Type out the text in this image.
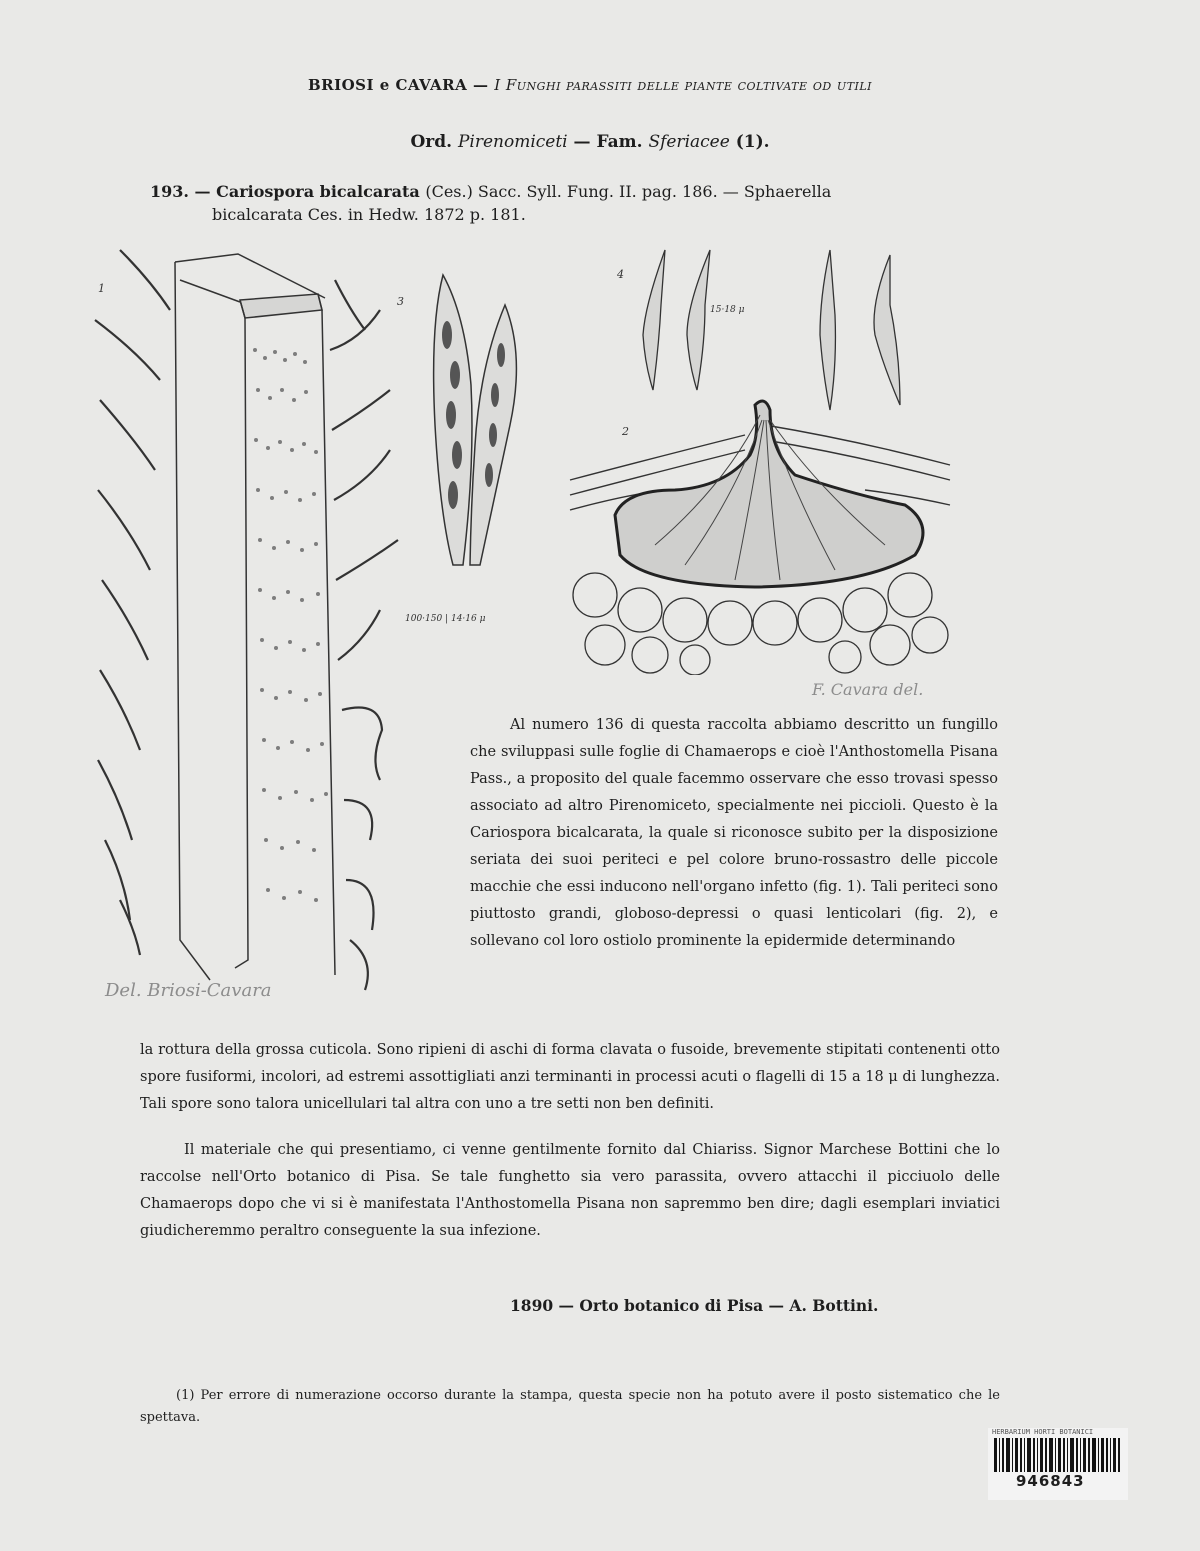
BRIOSI e CAVARA — I Funghi parassiti delle piante coltivate od utili
Ord. Pirenomiceti — Fam. Sferiacee (1).
193. — Cariospora bicalcarata (Ces.) Sacc. Syll. Fung. II. pag. 186. — Sphaerella
bicalcarata Ces. in Hedw. 1872 p. 181.
1
Del. Briosi-Cavara
3
100·150 | 14·16 μ
4
15·18 μ
2
F. Cavara del.
Al numero 136 di questa raccolta abbiamo descritto un fungillo che sviluppasi sulle foglie di Chamaerops e cioè l'Anthostomella Pisana Pass., a proposito del quale facemmo osservare che esso trovasi spesso associato ad altro Pirenomiceto, specialmente nei piccioli. Questo è la Cariospora bicalcarata, la quale si riconosce subito per la disposizione seriata dei suoi periteci e pel colore bruno-rossastro delle piccole macchie che essi inducono nell'organo infetto (fig. 1). Tali periteci sono piuttosto grandi, globoso-depressi o quasi lenticolari (fig. 2), e sollevano col loro ostiolo prominente la epidermide determinando
la rottura della grossa cuticola. Sono ripieni di aschi di forma clavata o fusoide, brevemente stipitati contenenti otto spore fusiformi, incolori, ad estremi assottigliati anzi terminanti in processi acuti o flagelli di 15 a 18 μ di lunghezza. Tali spore sono talora unicellulari tal altra con uno a tre setti non ben definiti.
Il materiale che qui presentiamo, ci venne gentilmente fornito dal Chiariss. Signor Marchese Bottini che lo raccolse nell'Orto botanico di Pisa. Se tale funghetto sia vero parassita, ovvero attacchi il picciuolo delle Chamaerops dopo che vi si è manifestata l'Anthostomella Pisana non sapremmo ben dire; dagli esemplari inviatici giudicheremmo peraltro conseguente la sua infezione.
1890 — Orto botanico di Pisa — A. Bottini.
(1) Per errore di numerazione occorso durante la stampa, questa specie non ha potuto avere il posto sistematico che le spettava.
HERBARIUM HORTI BOTANICI
946843
